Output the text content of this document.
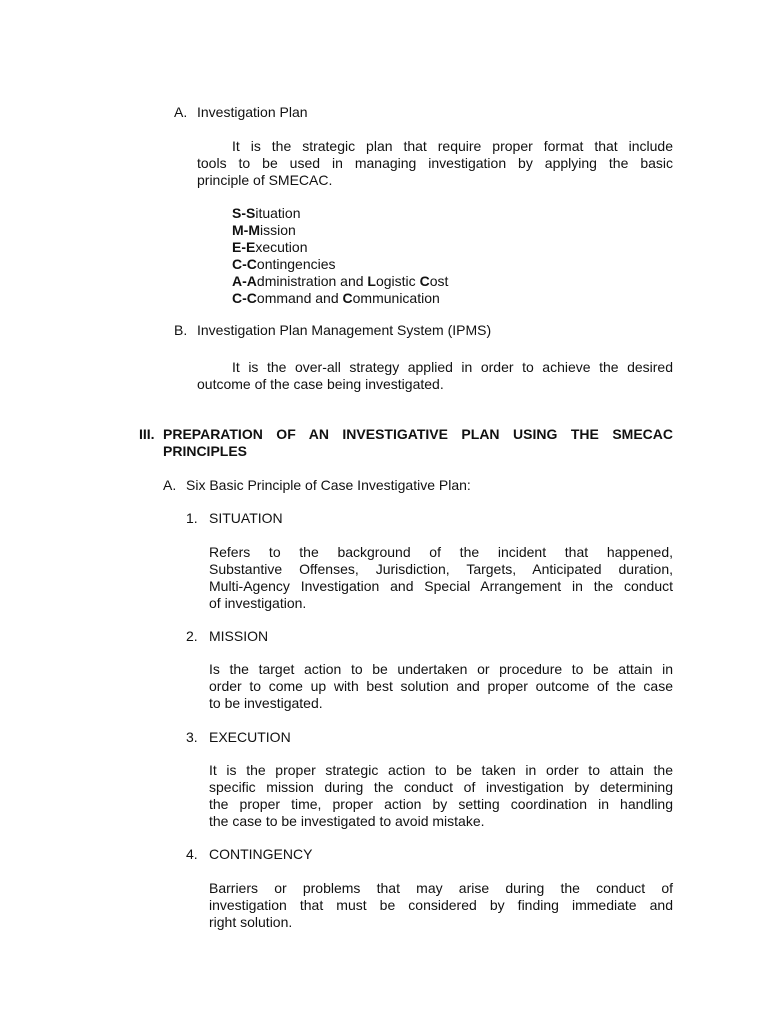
A. Investigation Plan
It is the strategic plan that require proper format that include
tools to be used in managing investigation by applying the basic
principle of SMECAC.
S-Situation
M-Mission
E-Execution
C-Contingencies
A-Administration and Logistic Cost
C-Command and Communication
B. Investigation Plan Management System (IPMS)
It is the over-all strategy applied in order to achieve the desired
outcome of the case being investigated.
III. PREPARATION OF AN INVESTIGATIVE PLAN USING THE SMECAC
PRINCIPLES
A. Six Basic Principle of Case Investigative Plan:
1. SITUATION
Refers to the background of the incident that happened,
Substantive Offenses, Jurisdiction, Targets, Anticipated duration,
Multi-Agency Investigation and Special Arrangement in the conduct
of investigation.
2. MISSION
Is the target action to be undertaken or procedure to be attain in
order to come up with best solution and proper outcome of the case
to be investigated.
3. EXECUTION
It is the proper strategic action to be taken in order to attain the
specific mission during the conduct of investigation by determining
the proper time, proper action by setting coordination in handling
the case to be investigated to avoid mistake.
4. CONTINGENCY
Barriers or problems that may arise during the conduct of
investigation that must be considered by finding immediate and
right solution.
